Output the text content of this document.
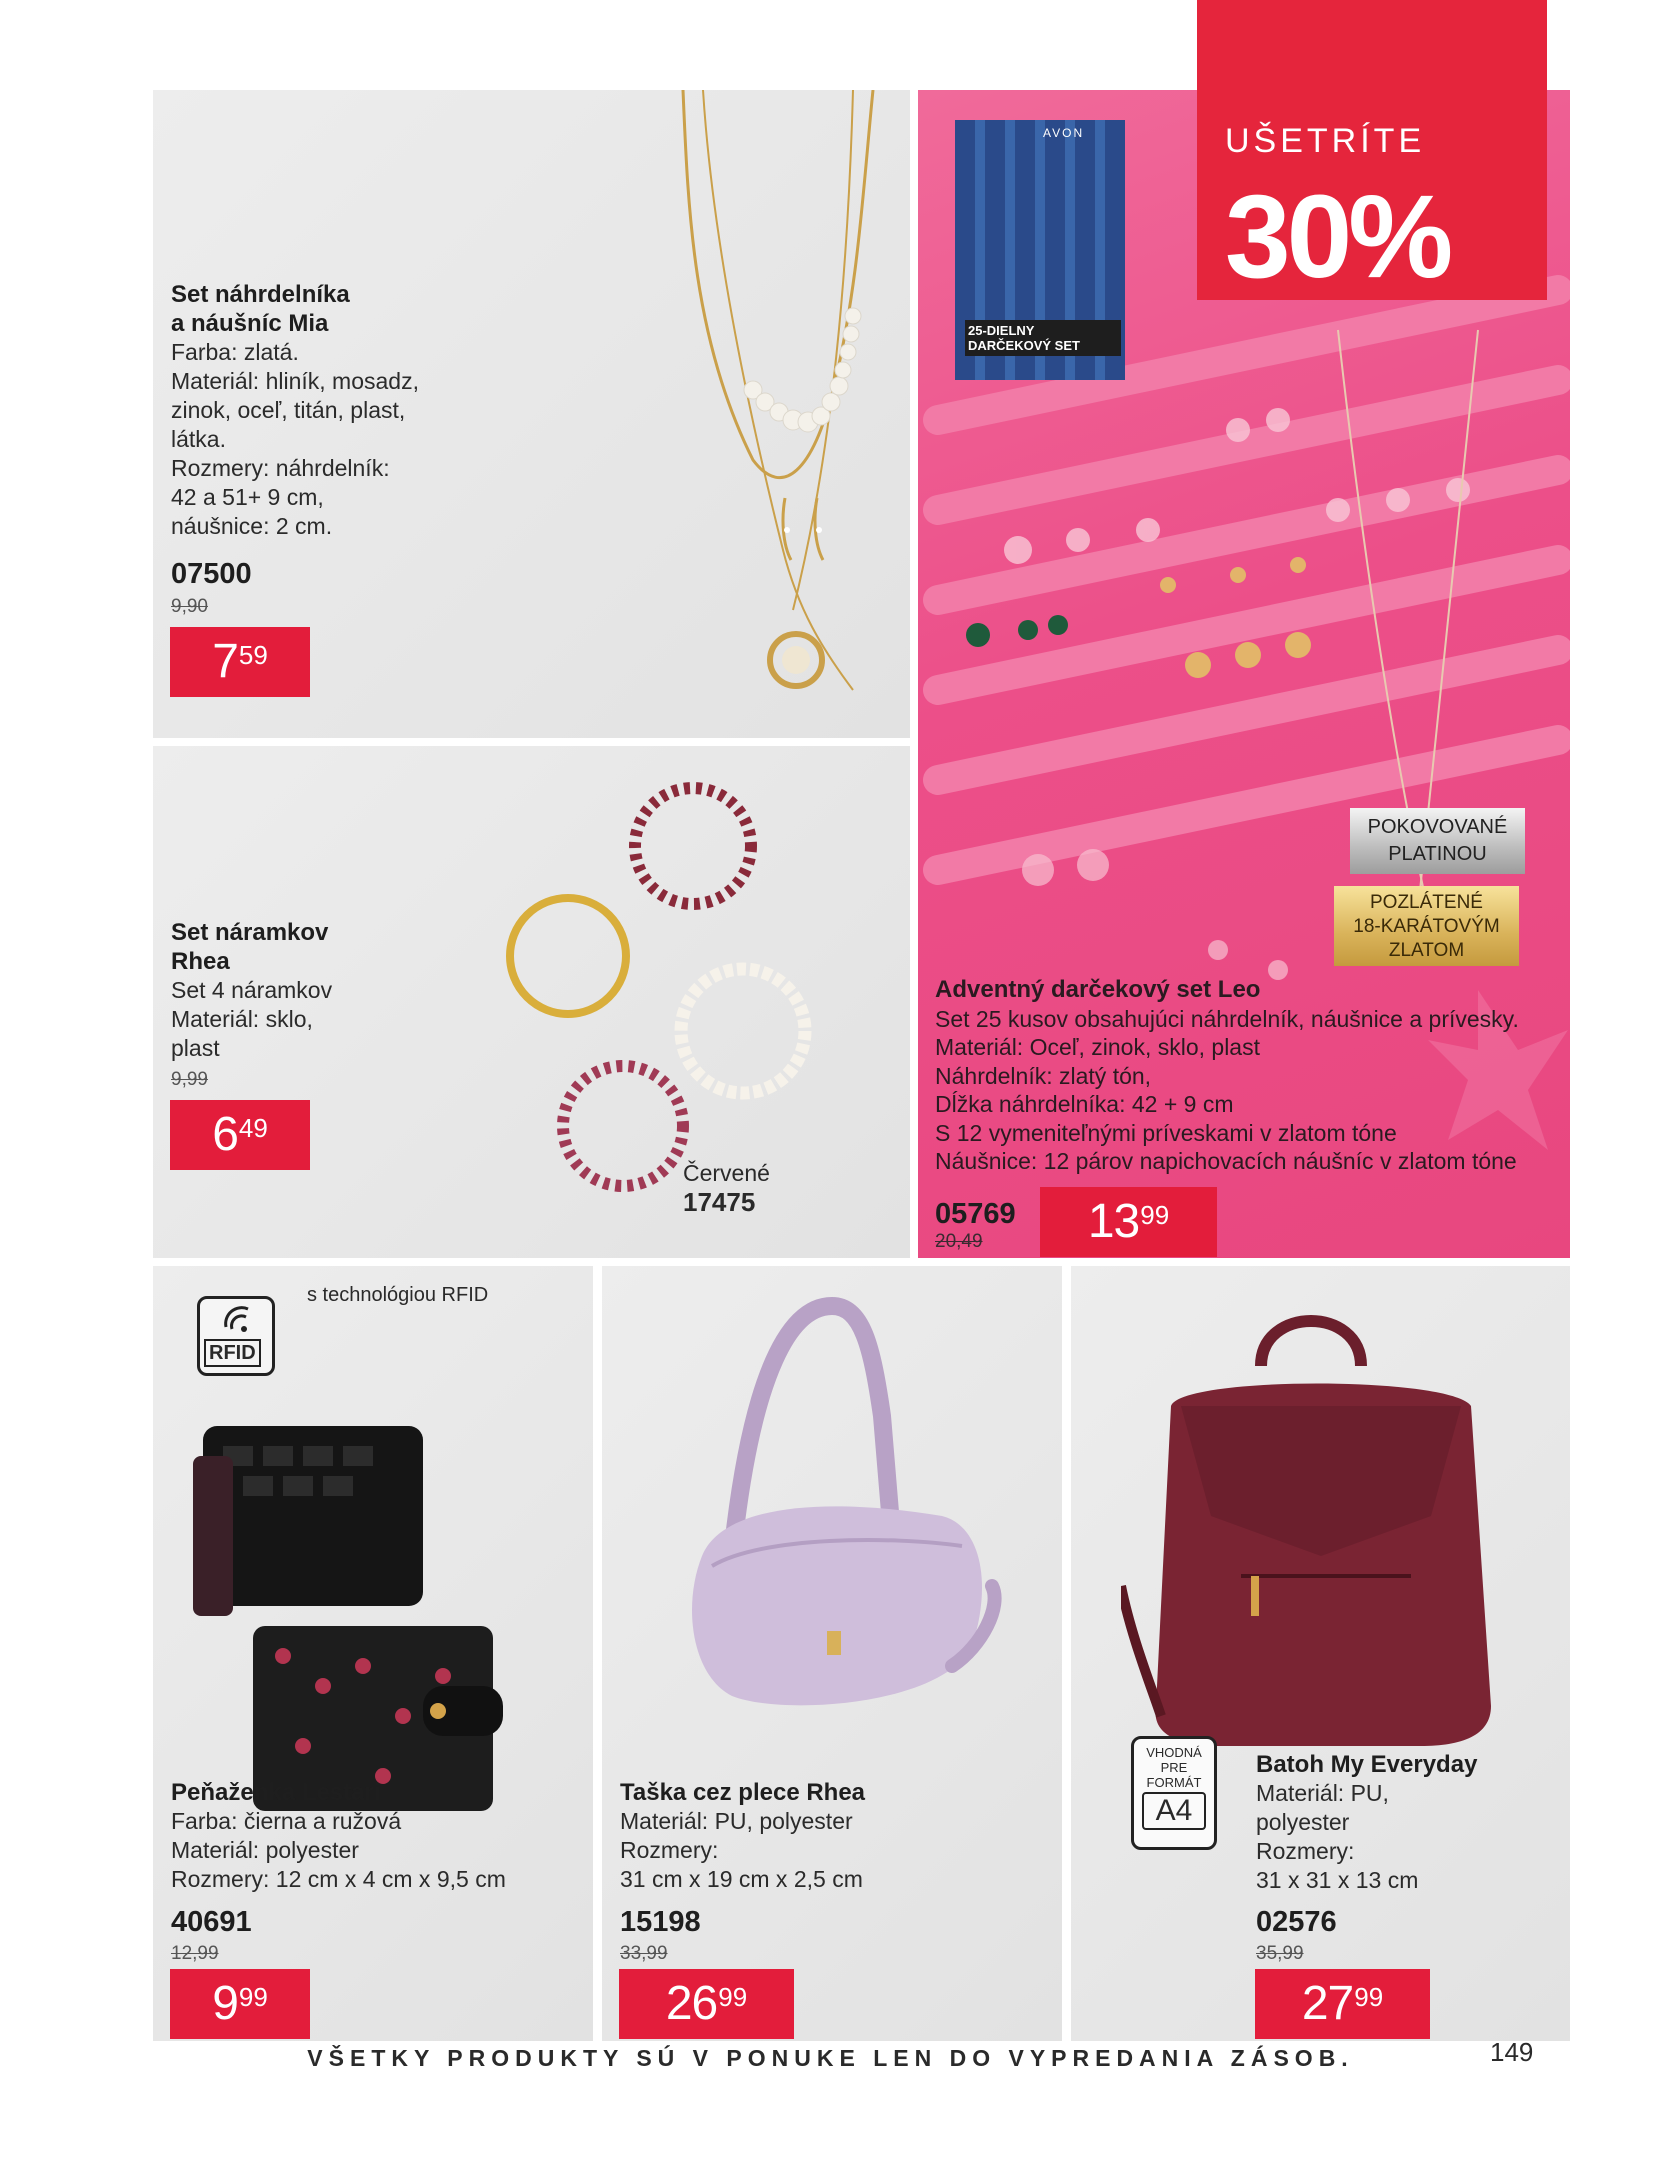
Set náhrdelníka
a náušníc Mia
Farba: zlatá.
Materiál: hliník, mosadz,
zinok, oceľ, titán, plast,
látka.
Rozmery: náhrdelník:
42 a 51+ 9 cm,
náušnice: 2 cm.
07500
9,90
7 59
Set náramkov
Rhea
Set 4 náramkov
Materiál: sklo,
plast
9,99
6 49
Červené
17475
AVON
25-DIELNY
DARČEKOVÝ SET
Adventný darčekový set Leo
Set 25 kusov obsahujúci náhrdelník, náušnice a prívesky.
Materiál: Oceľ, zinok, sklo, plast
Náhrdelník: zlatý tón,
Dĺžka náhrdelníka: 42 + 9 cm
S 12 vymeniteľnými príveskami v zlatom tóne
Náušnice: 12 párov napichovacích náušníc v zlatom tóne
05769
20,49 13 99
POKOVOVANÉ
PLATINOU
POZLÁTENÉ
18-KARÁTOVÝM
ZLATOM
UŠETRÍTE
30%
RFID
s technológiou RFID
Peňaženka Lestari
Farba: čierna a ružová
Materiál: polyester
Rozmery: 12 cm x 4 cm x 9,5 cm
40691
12,99
9 99
Taška cez plece Rhea
Materiál: PU, polyester
Rozmery:
31 cm x 19 cm x 2,5 cm
15198
33,99
26 99
VHODNÁ
PRE
FORMÁT
A4
Batoh My Everyday
Materiál: PU,
polyester
Rozmery:
31 x 31 x 13 cm
02576
35,99
27 99
VŠETKY PRODUKTY SÚ V PONUKE LEN DO VYPREDANIA ZÁSOB.	149
